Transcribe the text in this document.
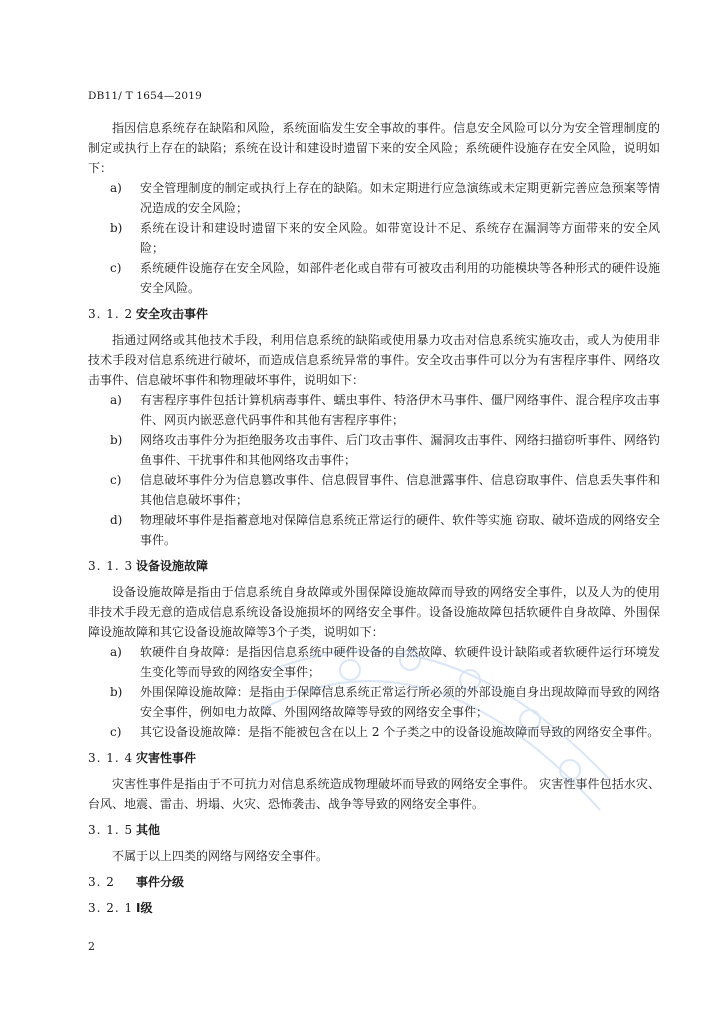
DB11/ T 1654—2019

指因信息系统存在缺陷和风险，系统面临发生安全事故的事件。信息安全风险可以分为安全管理制度的制定或执行上存在的缺陷；系统在设计和建设时遗留下来的安全风险；系统硬件设施存在安全风险，说明如下：

a)	安全管理制度的制定或执行上存在的缺陷。如未定期进行应急演练或未定期更新完善应急预案等情况造成的安全风险；
b)	系统在设计和建设时遗留下来的安全风险。如带宽设计不足、系统存在漏洞等方面带来的安全风险；
c)	系统硬件设施存在安全风险，如部件老化或自带有可被攻击利用的功能模块等各种形式的硬件设施安全风险。
3. 1. 2 安全攻击事件

指通过网络或其他技术手段，利用信息系统的缺陷或使用暴力攻击对信息系统实施攻击，或人为使用非技术手段对信息系统进行破坏，而造成信息系统异常的事件。安全攻击事件可以分为有害程序事件、网络攻击事件、信息破坏事件和物理破坏事件，说明如下：

a)	有害程序事件包括计算机病毒事件、蠕虫事件、特洛伊木马事件、僵尸网络事件、混合程序攻击事件、网页内嵌恶意代码事件和其他有害程序事件；
b)	网络攻击事件分为拒绝服务攻击事件、后门攻击事件、漏洞攻击事件、网络扫描窃听事件、网络钓鱼事件、干扰事件和其他网络攻击事件；
c)	信息破坏事件分为信息篡改事件、信息假冒事件、信息泄露事件、信息窃取事件、信息丢失事件和其他信息破坏事件；
d)	物理破坏事件是指蓄意地对保障信息系统正常运行的硬件、软件等实施 窃取、破坏造成的网络安全事件。
3. 1. 3 设备设施故障

设备设施故障是指由于信息系统自身故障或外围保障设施故障而导致的网络安全事件，以及人为的使用非技术手段无意的造成信息系统设备设施损坏的网络安全事件。设备设施故障包括软硬件自身故障、外围保障设施故障和其它设备设施故障等3个子类，说明如下：

a)	软硬件自身故障：是指因信息系统中硬件设备的自然故障、软硬件设计缺陷或者软硬件运行环境发生变化等而导致的网络安全事件；
b)	外围保障设施故障：是指由于保障信息系统正常运行所必须的外部设施自身出现故障而导致的网络安全事件，例如电力故障、外围网络故障等导致的网络安全事件；
c)	其它设备设施故障：是指不能被包含在以上 2 个子类之中的设备设施故障而导致的网络安全事件。
3. 1. 4 灾害性事件

灾害性事件是指由于不可抗力对信息系统造成物理破坏而导致的网络安全事件。 灾害性事件包括水灾、台风、地震、雷击、坍塌、火灾、恐怖袭击、战争等导致的网络安全事件。

3. 1. 5 其他

不属于以上四类的网络与网络安全事件。

3. 2	事件分级
3. 2. 1 Ⅰ级
2
